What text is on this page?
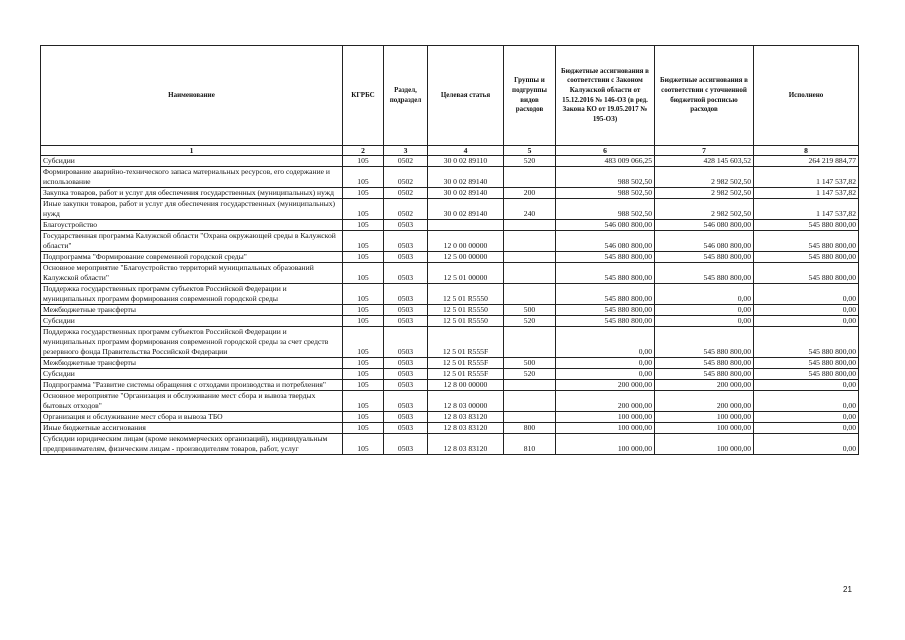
Наименование	КГРБС	Раздел, подраздел	Целевая статья	Группы и подгруппы видов расходов	Бюджетные ассигнования в соответствии с Законом Калужской области от 15.12.2016 № 146-ОЗ (в ред. Закона КО от 19.05.2017 № 195-ОЗ)	Бюджетные ассигнования в соответствии с уточненной бюджетной росписью расходов	Исполнено
1	2	3	4	5	6	7	8
Субсидии	105	0502	30 0 02 89110	520	483 009 066,25	428 145 603,52	264 219 884,77
Формирование аварийно-технического запаса материальных ресурсов, его содержание и использование	105	0502	30 0 02 89140		988 502,50	2 982 502,50	1 147 537,82
Закупка товаров, работ и услуг для обеспечения государственных (муниципальных) нужд	105	0502	30 0 02 89140	200	988 502,50	2 982 502,50	1 147 537,82
Иные закупки товаров, работ и услуг для обеспечения государственных (муниципальных) нужд	105	0502	30 0 02 89140	240	988 502,50	2 982 502,50	1 147 537,82
Благоустройство	105	0503			546 080 800,00	546 080 800,00	545 880 800,00
Государственная программа Калужской области "Охрана окружающей среды в Калужской области"	105	0503	12 0 00 00000		546 080 800,00	546 080 800,00	545 880 800,00
Подпрограмма "Формирование современной городской среды"	105	0503	12 5 00 00000		545 880 800,00	545 880 800,00	545 880 800,00
Основное мероприятие "Благоустройство территорий муниципальных образований Калужской области"	105	0503	12 5 01 00000		545 880 800,00	545 880 800,00	545 880 800,00
Поддержка государственных программ субъектов Российской Федерации и муниципальных программ формирования современной городской среды	105	0503	12 5 01 R5550		545 880 800,00	0,00	0,00
Межбюджетные трансферты	105	0503	12 5 01 R5550	500	545 880 800,00	0,00	0,00
Субсидии	105	0503	12 5 01 R5550	520	545 880 800,00	0,00	0,00
Поддержка государственных программ субъектов Российской Федерации и муниципальных программ формирования современной городской среды за счет средств резервного фонда Правительства Российской Федерации	105	0503	12 5 01 R555F		0,00	545 880 800,00	545 880 800,00
Межбюджетные трансферты	105	0503	12 5 01 R555F	500	0,00	545 880 800,00	545 880 800,00
Субсидии	105	0503	12 5 01 R555F	520	0,00	545 880 800,00	545 880 800,00
Подпрограмма "Развитие системы обращения с отходами производства и потребления"	105	0503	12 8 00 00000		200 000,00	200 000,00	0,00
Основное мероприятие "Организация и обслуживание мест сбора и вывоза твердых бытовых отходов"	105	0503	12 8 03 00000		200 000,00	200 000,00	0,00
Организация и обслуживание мест сбора и вывоза ТБО	105	0503	12 8 03 83120		100 000,00	100 000,00	0,00
Иные бюджетные ассигнования	105	0503	12 8 03 83120	800	100 000,00	100 000,00	0,00
Субсидии юридическим лицам (кроме некоммерческих организаций), индивидуальным предпринимателям, физическим лицам - производителям товаров, работ, услуг	105	0503	12 8 03 83120	810	100 000,00	100 000,00	0,00
21
